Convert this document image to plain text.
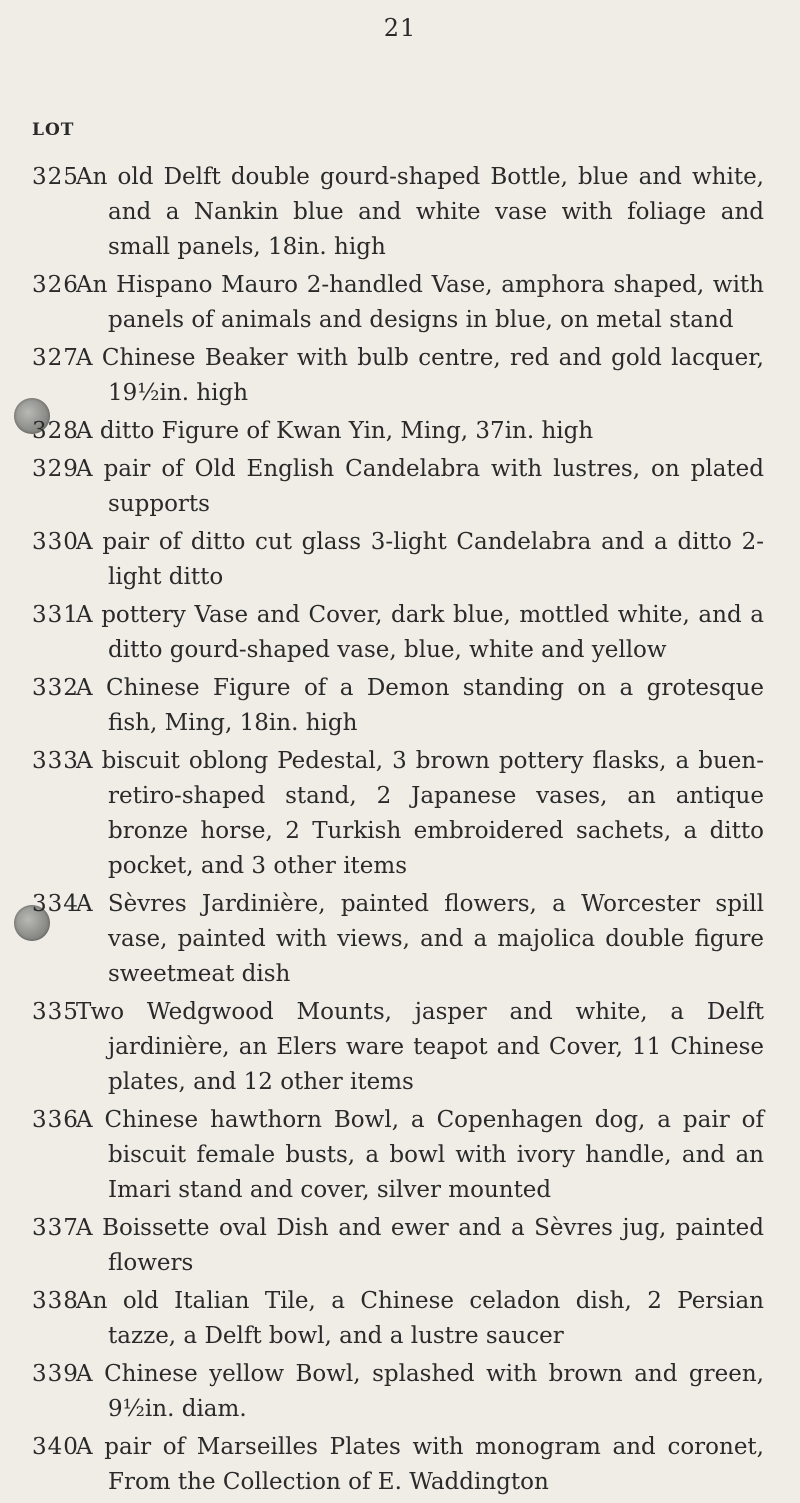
21
LOT
325
An old Delft double gourd-shaped Bottle, blue and white, and a Nankin blue and white vase with foliage and small panels, 18in. high
326
An Hispano Mauro 2-handled Vase, amphora shaped, with panels of animals and designs in blue, on metal stand
327
A Chinese Beaker with bulb centre, red and gold lacquer, 19½in. high
328
A ditto Figure of Kwan Yin, Ming, 37in. high
329
A pair of Old English Candelabra with lustres, on plated supports
330
A pair of ditto cut glass 3-light Candelabra and a ditto 2-light ditto
331
A pottery Vase and Cover, dark blue, mottled white, and a ditto gourd-shaped vase, blue, white and yellow
332
A Chinese Figure of a Demon standing on a grotesque fish, Ming, 18in. high
333
A biscuit oblong Pedestal, 3 brown pottery flasks, a buen-retiro-shaped stand, 2 Japanese vases, an antique bronze horse, 2 Turkish embroidered sachets, a ditto pocket, and 3 other items
334
A Sèvres Jardinière, painted flowers, a Worcester spill vase, painted with views, and a majolica double figure sweetmeat dish
335
Two Wedgwood Mounts, jasper and white, a Delft jardinière, an Elers ware teapot and Cover, 11 Chinese plates, and 12 other items
336
A Chinese hawthorn Bowl, a Copenhagen dog, a pair of biscuit female busts, a bowl with ivory handle, and an Imari stand and cover, silver mounted
337
A Boissette oval Dish and ewer and a Sèvres jug, painted flowers
338
An old Italian Tile, a Chinese celadon dish, 2 Persian tazze, a Delft bowl, and a lustre saucer
339
A Chinese yellow Bowl, splashed with brown and green, 9½in. diam.
340
A pair of Marseilles Plates with monogram and coronet, From the Collection of E. Waddington
